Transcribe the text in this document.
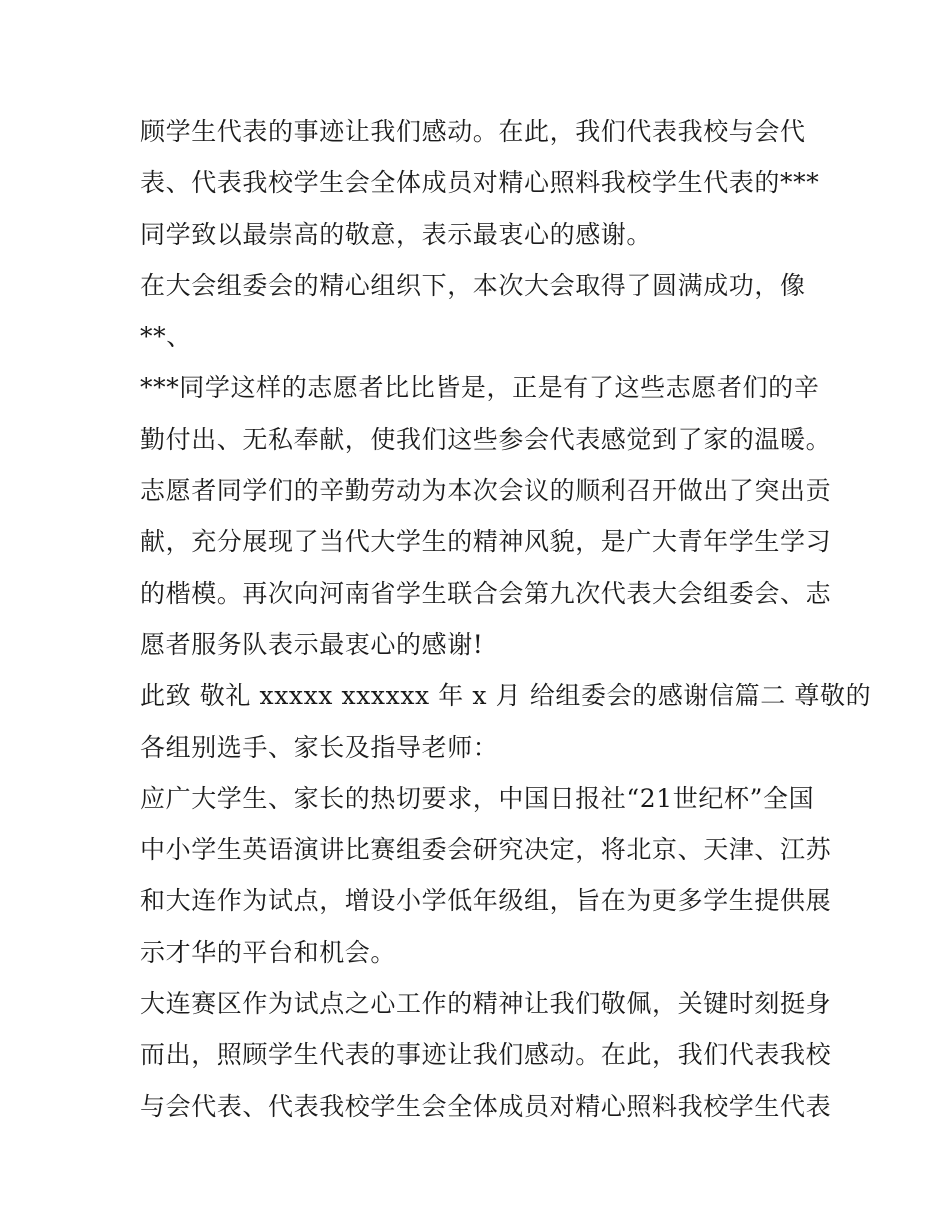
顾学生代表的事迹让我们感动。在此，我们代表我校与会代
表、代表我校学生会全体成员对精心照料我校学生代表的***
同学致以最崇高的敬意，表示最衷心的感谢。
在大会组委会的精心组织下，本次大会取得了圆满成功，像
**、
***同学这样的志愿者比比皆是，正是有了这些志愿者们的辛
勤付出、无私奉献，使我们这些参会代表感觉到了家的温暖。
志愿者同学们的辛勤劳动为本次会议的顺利召开做出了突出贡
献，充分展现了当代大学生的精神风貌，是广大青年学生学习
的楷模。再次向河南省学生联合会第九次代表大会组委会、志
愿者服务队表示最衷心的感谢!
此致 敬礼 xxxxx xxxxxx 年 x 月 给组委会的感谢信篇二 尊敬的
各组别选手、家长及指导老师：
应广大学生、家长的热切要求，中国日报社“21世纪杯”全国
中小学生英语演讲比赛组委会研究决定，将北京、天津、江苏
和大连作为试点，增设小学低年级组，旨在为更多学生提供展
示才华的平台和机会。
大连赛区作为试点之心工作的精神让我们敬佩，关键时刻挺身
而出，照顾学生代表的事迹让我们感动。在此，我们代表我校
与会代表、代表我校学生会全体成员对精心照料我校学生代表
